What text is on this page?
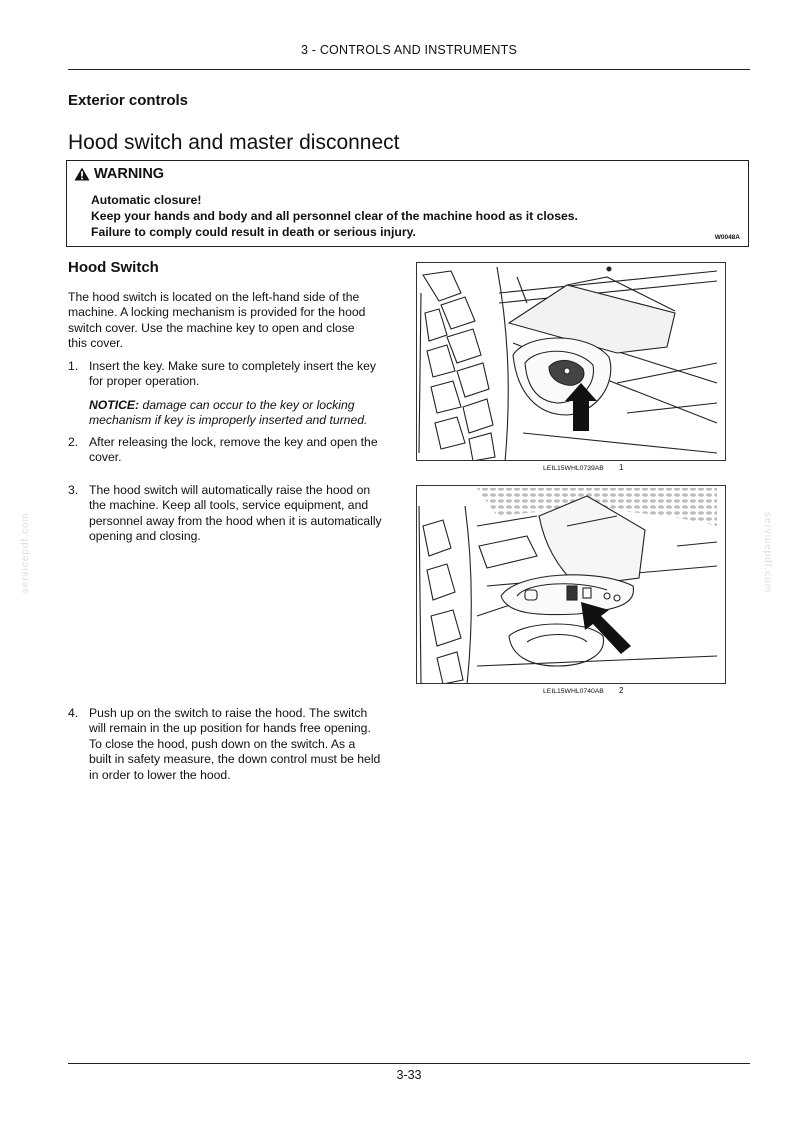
3 - CONTROLS AND INSTRUMENTS
Exterior controls
Hood switch and master disconnect
WARNING
Automatic closure!
Keep your hands and body and all personnel clear of the machine hood as it closes.
Failure to comply could result in death or serious injury.	W0048A
Hood Switch
The hood switch is located on the left-hand side of the
machine. A locking mechanism is provided for the hood
switch cover. Use the machine key to open and close
this cover.
1. Insert the key. Make sure to completely insert the key
for proper operation.
NOTICE: damage can occur to the key or locking
mechanism if key is improperly inserted and turned.
2. After releasing the lock, remove the key and open the
cover.
3. The hood switch will automatically raise the hood on
the machine. Keep all tools, service equipment, and
personnel away from the hood when it is automatically
opening and closing.
4. Push up on the switch to raise the hood. The switch
will remain in the up position for hands free opening.
To close the hood, push down on the switch. As a
built in safety measure, the down control must be held
in order to lower the hood.
LEIL15WHL0739AB 1
LEIL15WHL0740AB 2
servicepdf.com	servicepdf.com
3-33
